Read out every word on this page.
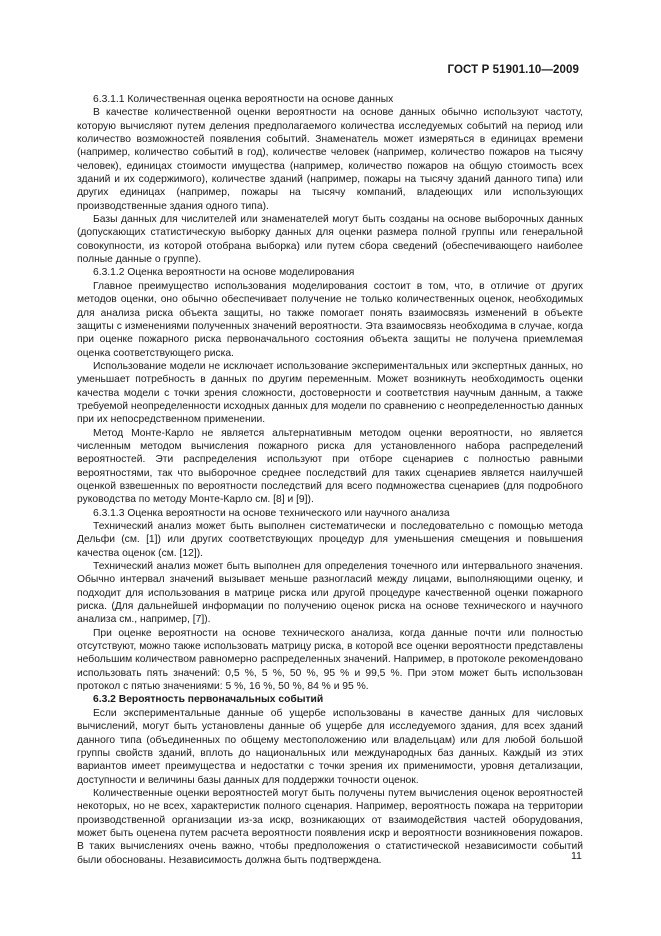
ГОСТ Р 51901.10—2009

6.3.1.1 Количественная оценка вероятности на основе данных

В качестве количественной оценки вероятности на основе данных обычно используют частоту, которую вычисляют путем деления предполагаемого количества исследуемых событий на период или количество возможностей появления событий. Знаменатель может измеряться в единицах времени (например, количество событий в год), количестве человек (например, количество пожаров на тысячу человек), единицах стоимости имущества (например, количество пожаров на общую стоимость всех зданий и их содержимого), количестве зданий (например, пожары на тысячу зданий данного типа) или других единицах (например, пожары на тысячу компаний, владеющих или использующих производственные здания одного типа).

Базы данных для числителей или знаменателей могут быть созданы на основе выборочных данных (допускающих статистическую выборку данных для оценки размера полной группы или генеральной совокупности, из которой отобрана выборка) или путем сбора сведений (обеспечивающего наиболее полные данные о группе).

6.3.1.2 Оценка вероятности на основе моделирования

Главное преимущество использования моделирования состоит в том, что, в отличие от других методов оценки, оно обычно обеспечивает получение не только количественных оценок, необходимых для анализа риска объекта защиты, но также помогает понять взаимосвязь изменений в объекте защиты с изменениями полученных значений вероятности. Эта взаимосвязь необходима в случае, когда при оценке пожарного риска первоначального состояния объекта защиты не получена приемлемая оценка соответствующего риска.

Использование модели не исключает использование экспериментальных или экспертных данных, но уменьшает потребность в данных по другим переменным. Может возникнуть необходимость оценки качества модели с точки зрения сложности, достоверности и соответствия научным данным, а также требуемой неопределенности исходных данных для модели по сравнению с неопределенностью данных при их непосредственном применении.

Метод Монте-Карло не является альтернативным методом оценки вероятности, но является численным методом вычисления пожарного риска для установленного набора распределений вероятностей. Эти распределения используют при отборе сценариев с полностью равными вероятностями, так что выборочное среднее последствий для таких сценариев является наилучшей оценкой взвешенных по вероятности последствий для всего подмножества сценариев (для подробного руководства по методу Монте-Карло см. [8] и [9]).

6.3.1.3 Оценка вероятности на основе технического или научного анализа

Технический анализ может быть выполнен систематически и последовательно с помощью метода Дельфи (см. [1]) или других соответствующих процедур для уменьшения смещения и повышения качества оценок (см. [12]).

Технический анализ может быть выполнен для определения точечного или интервального значения. Обычно интервал значений вызывает меньше разногласий между лицами, выполняющими оценку, и подходит для использования в матрице риска или другой процедуре качественной оценки пожарного риска. (Для дальнейшей информации по получению оценок риска на основе технического и научного анализа см., например, [7]).

При оценке вероятности на основе технического анализа, когда данные почти или полностью отсутствуют, можно также использовать матрицу риска, в которой все оценки вероятности представлены небольшим количеством равномерно распределенных значений. Например, в протоколе рекомендовано использовать пять значений: 0,5 %, 5 %, 50 %, 95 % и 99,5 %. При этом может быть использован протокол с пятью значениями: 5 %, 16 %, 50 %, 84 % и 95 %.

6.3.2 Вероятность первоначальных событий

Если экспериментальные данные об ущербе использованы в качестве данных для числовых вычислений, могут быть установлены данные об ущербе для исследуемого здания, для всех зданий данного типа (объединенных по общему местоположению или владельцам) или для любой большой группы свойств зданий, вплоть до национальных или международных баз данных. Каждый из этих вариантов имеет преимущества и недостатки с точки зрения их применимости, уровня детализации, доступности и величины базы данных для поддержки точности оценок.

Количественные оценки вероятностей могут быть получены путем вычисления оценок вероятностей некоторых, но не всех, характеристик полного сценария. Например, вероятность пожара на территории производственной организации из-за искр, возникающих от взаимодействия частей оборудования, может быть оценена путем расчета вероятности появления искр и вероятности возникновения пожаров. В таких вычислениях очень важно, чтобы предположения о статистической независимости событий были обоснованы. Независимость должна быть подтверждена.	11
